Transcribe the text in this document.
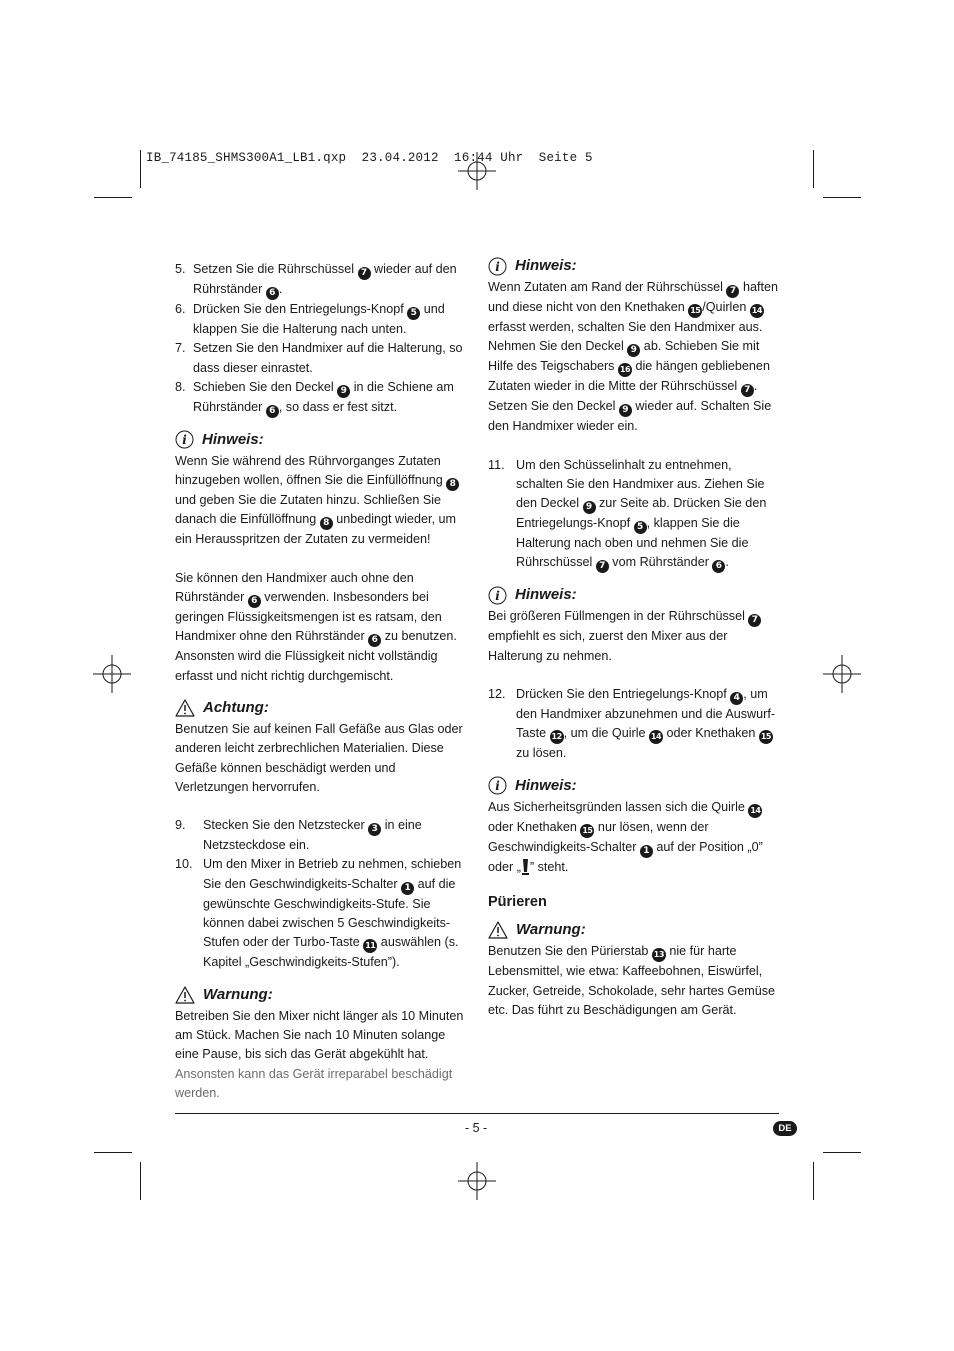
IB_74185_SHMS300A1_LB1.qxp  23.04.2012  16:44 Uhr  Seite 5
5. Setzen Sie die Rührschüssel 7 wieder auf den Rührständer 6 .
6. Drücken Sie den Entriegelungs-Knopf 5 und klappen Sie die Halterung nach unten.
7. Setzen Sie den Handmixer auf die Halterung, so dass dieser einrastet.
8. Schieben Sie den Deckel 9 in die Schiene am Rührständer 6 , so dass er fest sitzt.
i Hinweis:

Wenn Sie während des Rührvorganges Zutaten hinzugeben wollen, öffnen Sie die Einfüllöffnung 8 und geben Sie die Zutaten hinzu. Schließen Sie danach die Einfüllöffnung 8 unbedingt wieder, um ein Herausspritzen der Zutaten zu vermeiden!

Sie können den Handmixer auch ohne den Rührständer 6 verwenden. Insbesonders bei geringen Flüssigkeitsmengen ist es ratsam, den Handmixer ohne den Rührständer 6 zu benutzen. Ansonsten wird die Flüssigkeit nicht vollständig erfasst und nicht richtig durchgemischt.

Achtung:

Benutzen Sie auf keinen Fall Gefäße aus Glas oder anderen leicht zerbrechlichen Materialien. Diese Gefäße können beschädigt werden und Verletzungen hervorrufen.

9.	Stecken Sie den Netzstecker 3 in eine Netzsteckdose ein.
10. Um den Mixer in Betrieb zu nehmen, schieben Sie den Geschwindigkeits-Schalter 1 auf die gewünschte Geschwindigkeits-Stufe. Sie können dabei zwischen 5 Geschwindigkeits-Stufen oder der Turbo-Taste 11 auswählen (s. Kapitel „Geschwindigkeits-Stufen”).
Warnung:

Betreiben Sie den Mixer nicht länger als 10 Minuten am Stück. Machen Sie nach 10 Minuten solange eine Pause, bis sich das Gerät abgekühlt hat. Ansonsten kann das Gerät irreparabel beschädigt werden.

i Hinweis:

Wenn Zutaten am Rand der Rührschüssel 7 haften und diese nicht von den Knethaken 15 /Quirlen 14 erfasst werden, schalten Sie den Handmixer aus. Nehmen Sie den Deckel 9 ab. Schieben Sie mit Hilfe des Teigschabers 16 die hängen gebliebenen Zutaten wieder in die Mitte der Rührschüssel 7 . Setzen Sie den Deckel 9 wieder auf. Schalten Sie den Handmixer wieder ein.

11. Um den Schüsselinhalt zu entnehmen, schalten Sie den Handmixer aus. Ziehen Sie den Deckel 9 zur Seite ab. Drücken Sie den Entriegelungs-Knopf 5 , klappen Sie die Halterung nach oben und nehmen Sie die Rührschüssel 7 vom Rührständer 6 .
i Hinweis:

Bei größeren Füllmengen in der Rührschüssel 7 empfiehlt es sich, zuerst den Mixer aus der Halterung zu nehmen.

12. Drücken Sie den Entriegelungs-Knopf 4 , um den Handmixer abzunehmen und die Auswurf-Taste 12 , um die Quirle 14 oder Knethaken 15 zu lösen.
i Hinweis:

Aus Sicherheitsgründen lassen sich die Quirle 14 oder Knethaken 15 nur lösen, wenn der Geschwindigkeits-Schalter 1 auf der Position „0” oder „ ” steht.

Pürieren
Warnung:

Benutzen Sie den Pürierstab 13 nie für harte Lebensmittel, wie etwa: Kaffeebohnen, Eiswürfel, Zucker, Getreide, Schokolade, sehr hartes Gemüse etc. Das führt zu Beschädigungen am Gerät.

- 5 -	DE
